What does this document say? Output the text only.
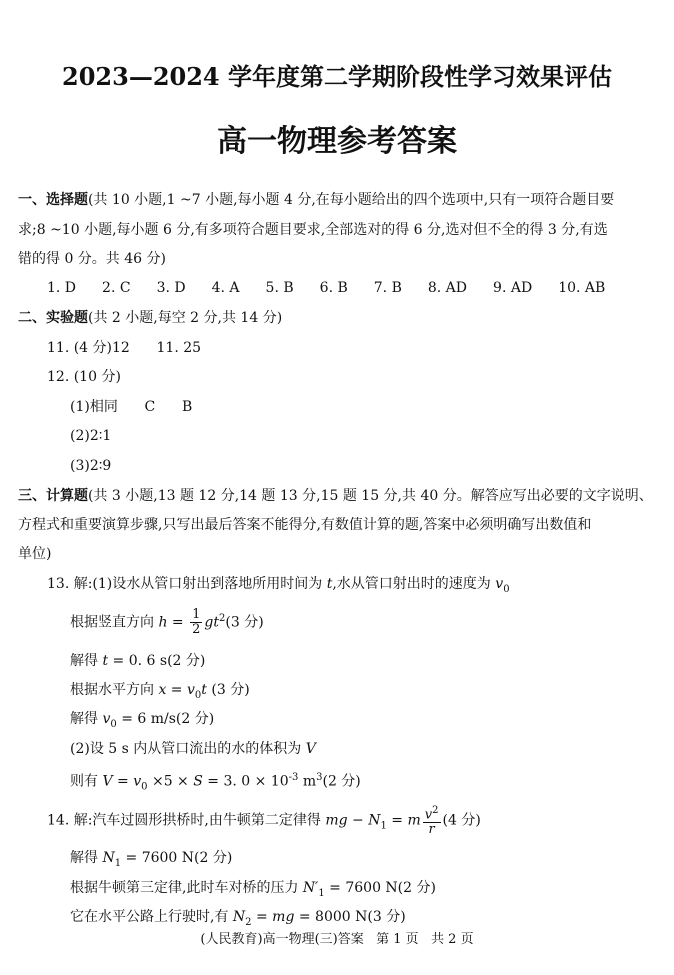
2023—2024 学年度第二学期阶段性学习效果评估
高一物理参考答案
一、选择题(共 10 小题,1 ~7 小题,每小题 4 分,在每小题给出的四个选项中,只有一项符合题目要
求;8 ~10 小题,每小题 6 分,有多项符合题目要求,全部选对的得 6 分,选对但不全的得 3 分,有选
错的得 0 分。共 46 分)
1. D 2. C 3. D 4. A 5. B 6. B 7. B 8. AD 9. AD 10. AB
二、实验题(共 2 小题,每空 2 分,共 14 分)
11. (4 分)12      11. 25
12. (10 分)
(1)相同      C      B
(2)2∶1
(3)2∶9
三、计算题(共 3 小题,13 题 12 分,14 题 13 分,15 题 15 分,共 40 分。解答应写出必要的文字说明、
方程式和重要演算步骤,只写出最后答案不能得分,有数值计算的题,答案中必须明确写出数值和
单位)
13. 解:(1)设水从管口射出到落地所用时间为 t,水从管口射出时的速度为 $v_0$
根据竖直方向 $h = \frac{1}{2} gt^2(3$ 分)
解得 t = 0. 6 s(2 分)
根据水平方向 $x = v_0t$ (3 分)
解得 $v_0 = 6$ m/s(2 分)
(2)设 5 s 内从管口流出的水的体积为 V
则有 $V = v_0 \times 5 \times S = 3$. $0 \times 10^{-3}$ $m^3(2$ 分)
14. 解:汽车过圆形拱桥时,由牛顿第二定律得 mg − $N_1 = m \frac{v^2}{r} (4$ 分)
解得 $N_1 = 7600$ N(2 分)
根据牛顿第三定律,此时车对桥的压力 $N'_1 = 7600$ N(2 分)
它在水平公路上行驶时,有 $N_2$ = mg = 8000 N(3 分)
(人民教育)高一物理(三)答案   第 1 页   共 2 页
